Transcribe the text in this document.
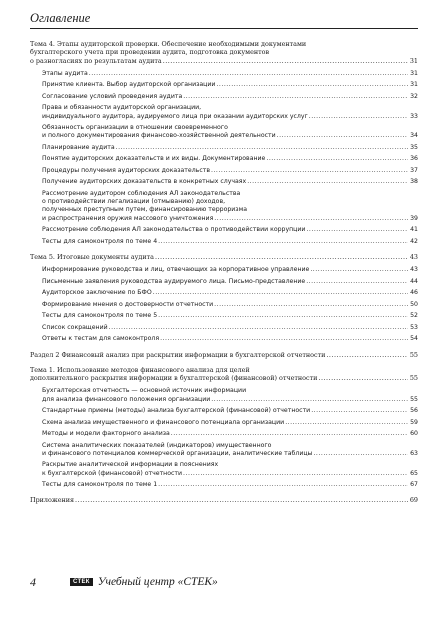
Оглавление
Тема 4. Этапы аудиторской проверки. Обеспечение необходимыми документами
бухгалтерского учета при проведении аудита, подготовка документов
о разногласиях по результатам аудита .....	31
Этапы аудита .....	31
Принятие клиента. Выбор аудиторской организации .....	31
Согласование условий проведения аудита .....	32
Права и обязанности аудиторской организации,
индивидуального аудитора, аудируемого лица при оказании аудиторских услуг .....	33
Обязанность организации в отношении своевременного
и полного документирования финансово-хозяйственной деятельности .....	34
Планирование аудита .....	35
Понятие аудиторских доказательств и их виды. Документирование .....	36
Процедуры получения аудиторских доказательств .....	37
Получение аудиторских доказательств в конкретных случаях .....	38
Рассмотрение аудитором соблюдения АЛ законодательства
о противодействии легализации (отмыванию) доходов,
полученных преступным путем, финансированию терроризма
и распространения оружия массового уничтожения .....	39
Рассмотрение соблюдения АЛ законодательства о противодействии коррупции .....	41
Тесты для самоконтроля по теме 4 .....	42
Тема 5. Итоговые документы аудита .....	43
Информирование руководства и лиц, отвечающих за корпоративное управление .....	43
Письменные заявления руководства аудируемого лица. Письмо-представление .....	44
Аудиторское заключение по БФО .....	46
Формирование мнения о достоверности отчетности .....	50
Тесты для самоконтроля по теме 5 .....	52
Список сокращений .....	53
Ответы к тестам для самоконтроля .....	54
Раздел 2 Финансовый анализ при раскрытии информации в бухгалтерской отчетности .....	55
Тема 1. Использование методов финансового анализа для целей
дополнительного раскрытия информации в бухгалтерской (финансовой) отчетности .....	55
Бухгалтерская отчетность — основной источник информации
для анализа финансового положения организации .....	55
Стандартные приемы (методы) анализа бухгалтерской (финансовой) отчетности .....	56
Схема анализа имущественного и финансового потенциала организации .....	59
Методы и модели факторного анализа .....	60
Система аналитических показателей (индикаторов) имущественного
и финансового потенциалов коммерческой организации, аналитические таблицы .....	63
Раскрытие аналитической информации в пояснениях
к бухгалтерской (финансовой) отчетности .....	65
Тесты для самоконтроля по теме 1 .....	67
Приложения .....	69
4	СТЕК Учебный центр «СТЕК»
